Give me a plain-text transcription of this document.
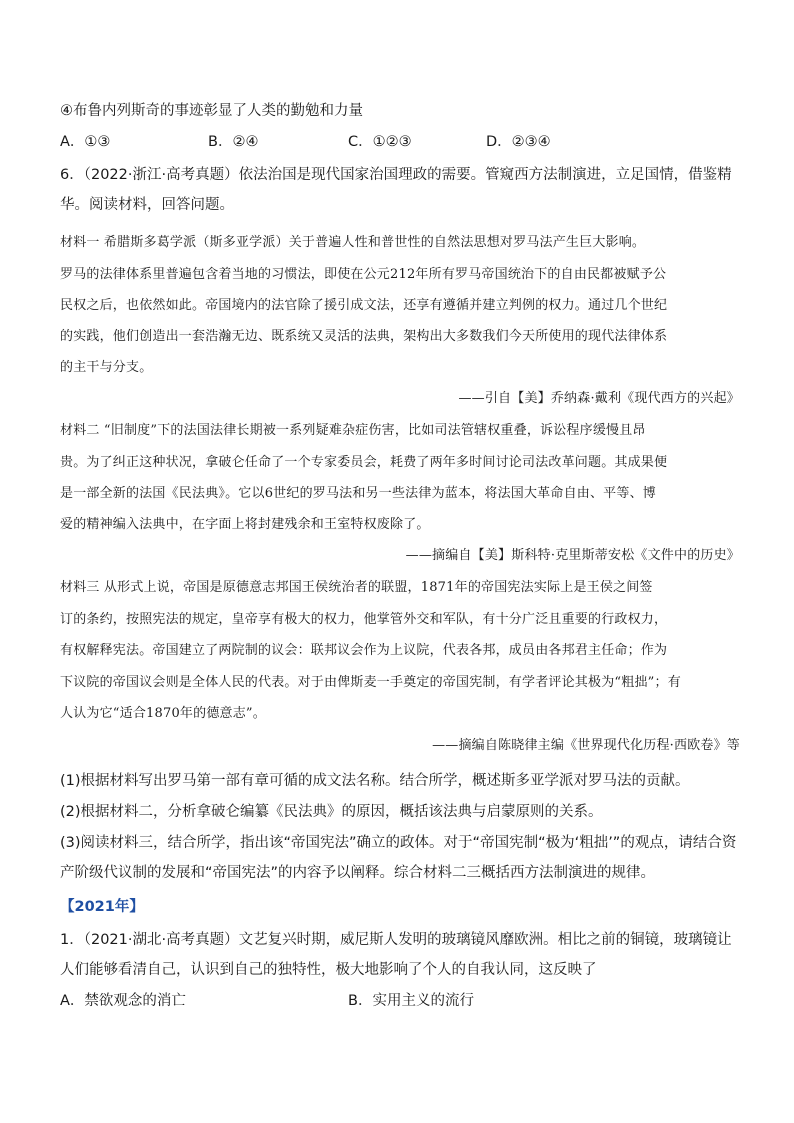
④布鲁内列斯奇的事迹彰显了人类的勤勉和力量
A．①③	B．②④	C．①②③	D．②③④
6．（2022·浙江·高考真题）依法治国是现代国家治国理政的需要。管窥西方法制演进，立足国情，借鉴精
华。阅读材料，回答问题。
材料一 希腊斯多葛学派（斯多亚学派）关于普遍人性和普世性的自然法思想对罗马法产生巨大影响。
罗马的法律体系里普遍包含着当地的习惯法，即使在公元212年所有罗马帝国统治下的自由民都被赋予公
民权之后，也依然如此。帝国境内的法官除了援引成文法，还享有遵循并建立判例的权力。通过几个世纪
的实践，他们创造出一套浩瀚无边、既系统又灵活的法典，架构出大多数我们今天所使用的现代法律体系
的主干与分支。
——引自【美】乔纳森·戴利《现代西方的兴起》
材料二 “旧制度”下的法国法律长期被一系列疑难杂症伤害，比如司法管辖权重叠，诉讼程序缓慢且昂
贵。为了纠正这种状况，拿破仑任命了一个专家委员会，耗费了两年多时间讨论司法改革问题。其成果便
是一部全新的法国《民法典》。它以6世纪的罗马法和另一些法律为蓝本，将法国大革命自由、平等、博
爱的精神编入法典中，在字面上将封建残余和王室特权废除了。
——摘编自【美】斯科特·克里斯蒂安松《文件中的历史》
材料三 从形式上说，帝国是原德意志邦国王侯统治者的联盟，1871年的帝国宪法实际上是王侯之间签
订的条约，按照宪法的规定，皇帝享有极大的权力，他掌管外交和军队，有十分广泛且重要的行政权力，
有权解释宪法。帝国建立了两院制的议会：联邦议会作为上议院，代表各邦，成员由各邦君主任命；作为
下议院的帝国议会则是全体人民的代表。对于由俾斯麦一手奠定的帝国宪制，有学者评论其极为“粗拙”；有
人认为它“适合1870年的德意志”。
——摘编自陈晓律主编《世界现代化历程·西欧卷》等
(1)根据材料写出罗马第一部有章可循的成文法名称。结合所学，概述斯多亚学派对罗马法的贡献。
(2)根据材料二，分析拿破仑编纂《民法典》的原因，概括该法典与启蒙原则的关系。
(3)阅读材料三，结合所学，指出该“帝国宪法”确立的政体。对于“帝国宪制“极为‘粗拙’”的观点，请结合资
产阶级代议制的发展和“帝国宪法”的内容予以阐释。综合材料二三概括西方法制演进的规律。
【2021年】
1．（2021·湖北·高考真题）文艺复兴时期，威尼斯人发明的玻璃镜风靡欧洲。相比之前的铜镜，玻璃镜让
人们能够看清自己，认识到自己的独特性，极大地影响了个人的自我认同，这反映了
A．禁欲观念的消亡	B．实用主义的流行
